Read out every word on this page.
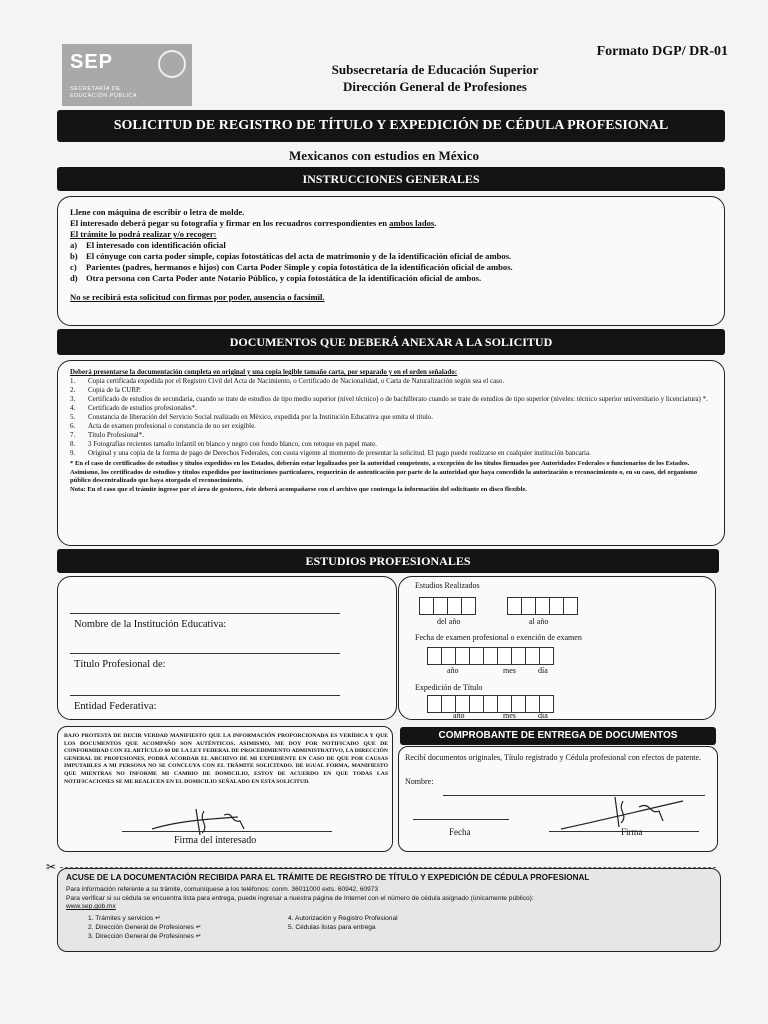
SEP
SECRETARÍA DE
EDUCACIÓN PÚBLICA
Formato DGP/ DR-01
Subsecretaría de Educación Superior
Dirección General de Profesiones
SOLICITUD DE REGISTRO DE TÍTULO Y EXPEDICIÓN DE CÉDULA PROFESIONAL
Mexicanos con estudios en México
INSTRUCCIONES GENERALES
Llene con máquina de escribir o letra de molde.
El interesado deberá pegar su fotografía y firmar en los recuadros correspondientes en ambos lados.
El trámite lo podrá realizar y/o recoger:
a)	El interesado con identificación oficial
b) El cónyuge con carta poder simple, copias fotostáticas del acta de matrimonio y de la identificación oficial de ambos.
c)	Parientes (padres, hermanos e hijos) con Carta Poder Simple y copia fotostática de la identificación oficial de ambos.
d) Otra persona con Carta Poder ante Notario Público, y copia fotostática de la identificación oficial de ambos.
No se recibirá esta solicitud con firmas por poder, ausencia o facsimil.
DOCUMENTOS QUE DEBERÁ ANEXAR A LA SOLICITUD
Deberá presentarse la documentación completa en original y una copia legible tamaño carta, por separado y en el orden señalado:
1.	Copia certificada expedida por el Registro Civil del Acta de Nacimiento, o Certificado de Nacionalidad, o Carta de Naturalización según sea el caso.
2.	Copia de la CURP.
3.	Certificado de estudios de secundaria, cuando se trate de estudios de tipo medio superior (nivel técnico) o de bachillerato cuando se trate de estudios de tipo superior (niveles: técnico superior universitario y licenciatura) *.
4.	Certificado de estudios profesionales*.
5.	Constancia de liberación del Servicio Social realizado en México, expedida por la Institución Educativa que emita el título.
6.	Acta de examen profesional o constancia de no ser exigible.
7.	Título Profesional*.
8.	3 Fotografías recientes tamaño infantil en blanco y negro con fondo blanco, con retoque en papel mate.
9.	Original y una copia de la forma de pago de Derechos Federales, con cuota vigente al momento de presentar la solicitud. El pago puede realizarse en cualquier institución bancaria.
* En el caso de certificados de estudios y títulos expedidos en los Estados, deberán estar legalizados por la autoridad competente, a excepción de los títulos firmados por Autoridades Federales o funcionarios de los Estados. Asimismo, los certificados de estudios y títulos expedidos por instituciones particulares, requerirán de autenticación por parte de la autoridad que haya concedido la autorización o reconocimiento o, en su caso, del organismo público descentralizado que haya otorgado el reconocimiento.
Nota: En el caso que el trámite ingrese por el área de gestores, éste deberá acompañarse con el archivo que contenga la información del solicitante en disco flexible.
ESTUDIOS PROFESIONALES
Nombre de la Institución Educativa:
Título Profesional de:
Entidad Federativa:
Estudios Realizados
del año	al año
Fecha de examen profesional o exención de examen
año	mes	día
Expedición de Título
año	mes	día
BAJO PROTESTA DE DECIR VERDAD MANIFIESTO QUE LA INFORMACIÓN PROPORCIONADA ES VERÍDICA Y QUE LOS DOCUMENTOS QUE ACOMPAÑO SON AUTÉNTICOS, ASIMISMO, ME DOY POR NOTIFICADO QUE DE CONFORMIDAD CON EL ARTÍCULO 60 DE LA LEY FEDERAL DE PROCEDIMIENTO ADMINISTRATIVO, LA DIRECCIÓN GENERAL DE PROFESIONES, PODRÁ ACORDAR EL ARCHIVO DE MI EXPEDIENTE EN CASO DE QUE POR CAUSAS IMPUTABLES A MI PERSONA NO SE CONCLUYA CON EL TRÁMITE SOLICITADO. DE IGUAL FORMA, MANIFIESTO QUE MIENTRAS NO INFORME MI CAMBIO DE DOMICILIO, ESTOY DE ACUERDO EN QUE TODAS LAS NOTIFICACIONES SE ME REALICEN EN EL DOMICILIO SEÑALADO EN ESTA SOLICITUD.
Firma del interesado
COMPROBANTE DE ENTREGA DE DOCUMENTOS
Recibí documentos originales, Título registrado y Cédula profesional con efectos de patente.
Nombre:
Fecha	Firma
✂
ACUSE DE LA DOCUMENTACIÓN RECIBIDA PARA EL TRÁMITE DE REGISTRO DE TÍTULO Y EXPEDICIÓN DE CÉDULA PROFESIONAL
Para información referente a su trámite, comuníquese a los teléfonos: conm. 36011000 exts. 60942, 60973
Para verificar si su cédula se encuentra lista para entrega, puede ingresar a nuestra página de Internet con el número de cédula asignado (únicamente público):
www.sep.gob.mx
1. Trámites y servicios ↵
2. Dirección General de Profesiones ↵
3. Dirección General de Profesiones ↵
4. Autorización y Registro Profesional
5. Cédulas listas para entrega
